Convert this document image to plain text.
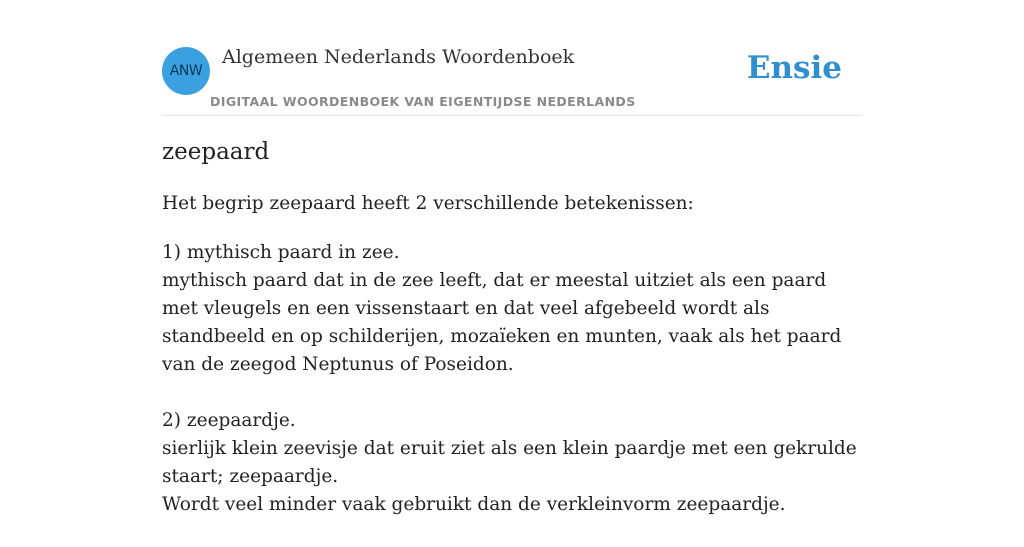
ANW
Algemeen Nederlands Woordenboek
DIGITAAL WOORDENBOEK VAN EIGENTIJDSE NEDERLANDS
Ensie
zeepaard
Het begrip zeepaard heeft 2 verschillende betekenissen:

1) mythisch paard in zee.

mythisch paard dat in de zee leeft, dat er meestal uitziet als een paard met vleugels en een vissenstaart en dat veel afgebeeld wordt als standbeeld en op schilderijen, mozaïeken en munten, vaak als het paard van de zeegod Neptunus of Poseidon.

2) zeepaardje.

sierlijk klein zeevisje dat eruit ziet als een klein paardje met een gekrulde staart; zeepaardje.

Wordt veel minder vaak gebruikt dan de verkleinvorm zeepaardje.
